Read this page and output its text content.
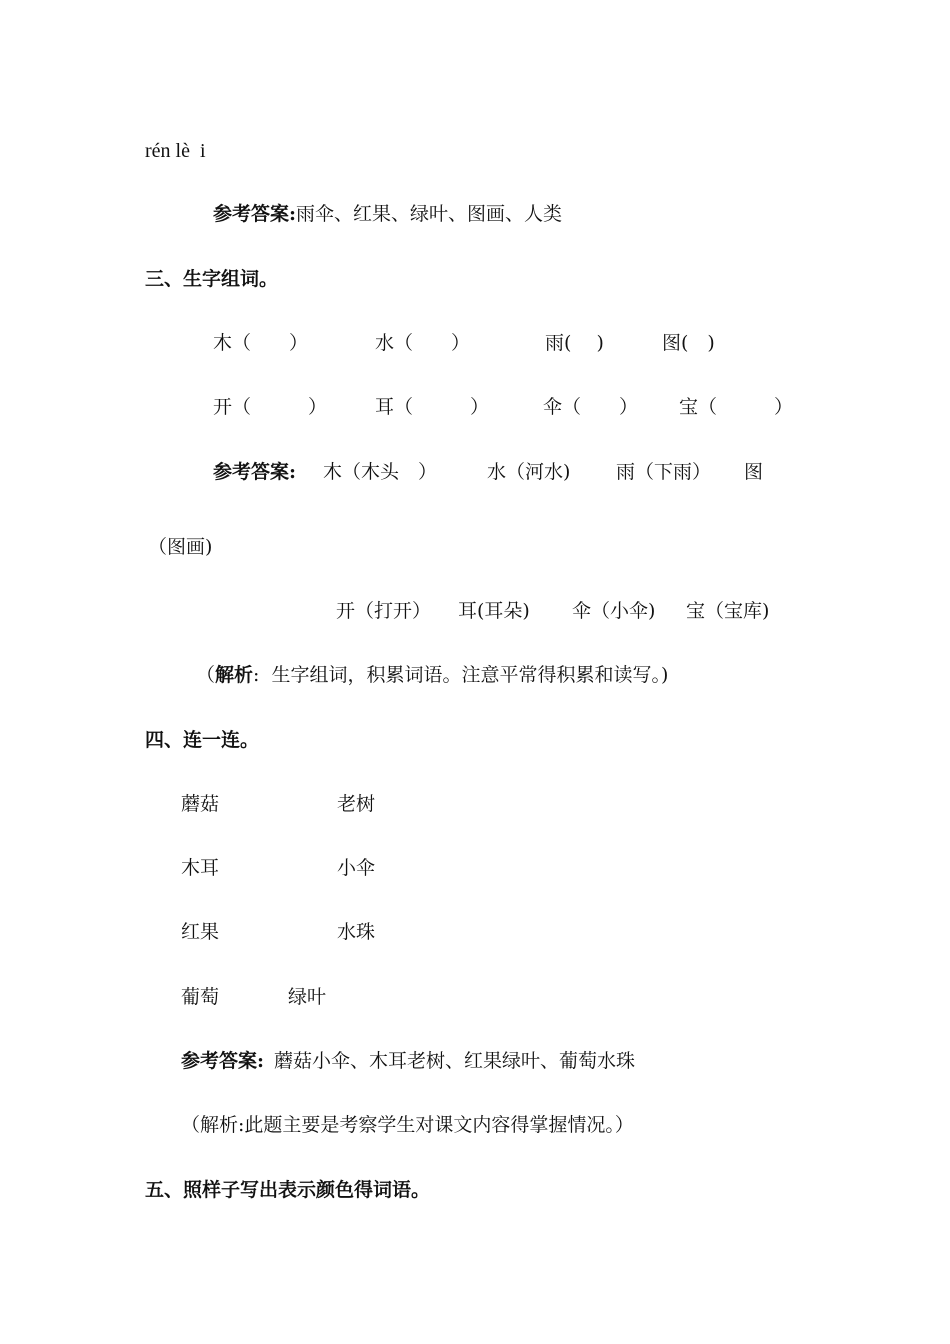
rén lè  i
参考答案:雨伞、红果、绿叶、图画、人类
三、生字组词。
木（　　）	水（　　）	雨(　 )	图(　)
开（　　　）	耳（　　　）	伞（　　） 宝（　　　）
参考答案: 木（木头　）	水（河水) 雨（下雨） 图
（图画)
开（打开） 耳(耳朵) 伞（小伞) 宝（宝库)
（解析:  生字组词，积累词语。注意平常得积累和读写。)
四、连一连。
蘑菇	老树
木耳	小伞
红果	水珠
葡萄	绿叶
参考答案: 蘑菇小伞、木耳老树、红果绿叶、葡萄水珠
（解析:此题主要是考察学生对课文内容得掌握情况。）
五、照样子写出表示颜色得词语。
